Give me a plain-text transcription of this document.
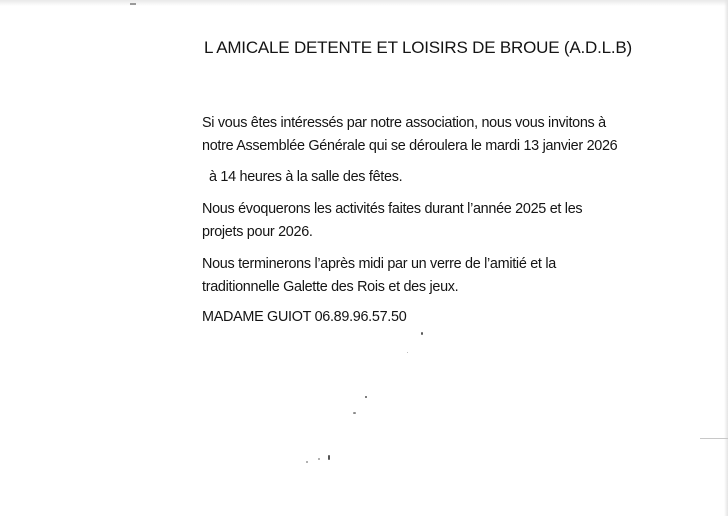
L AMICALE DETENTE ET LOISIRS DE BROUE (A.D.L.B)

Si vous êtes intéressés par notre association, nous vous invitons à
notre Assemblée Générale qui se déroulera le mardi 13 janvier 2026

à 14 heures à la salle des fêtes.

Nous évoquerons les activités faites durant l’année 2025 et les
projets pour 2026.

Nous terminerons l’après midi par un verre de l’amitié et la
traditionnelle Galette des Rois et des jeux.

MADAME GUIOT 06.89.96.57.50
